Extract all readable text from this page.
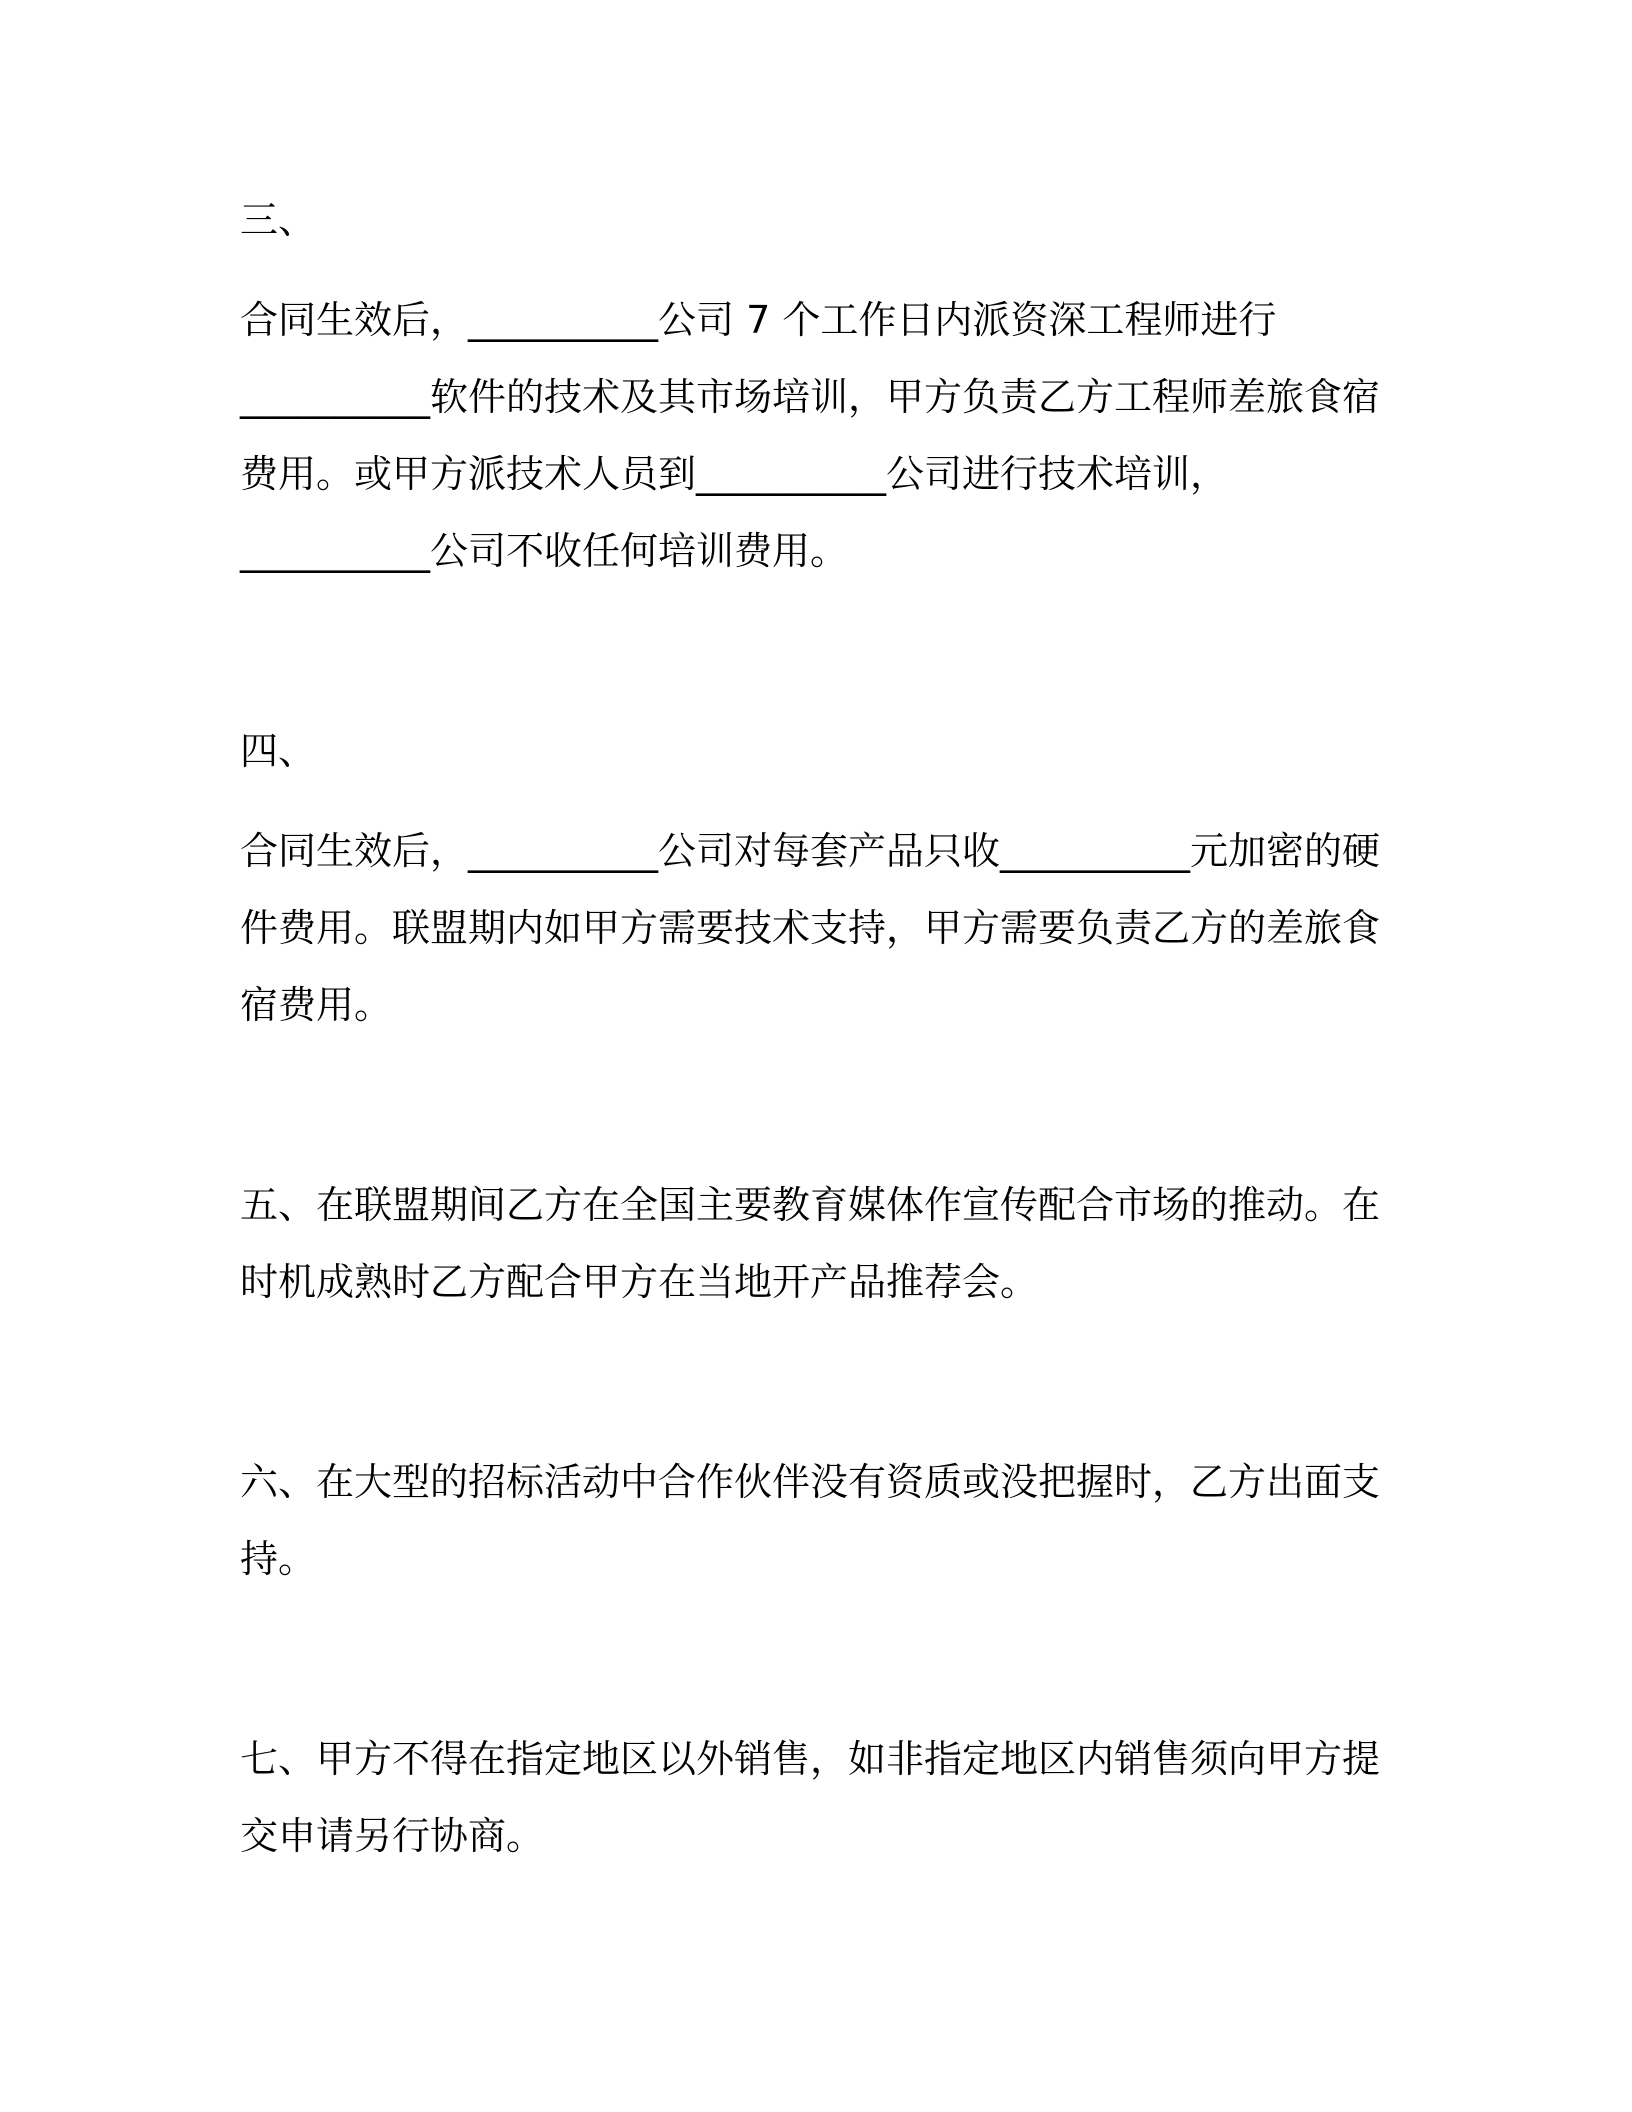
三、
合同生效后，__________公司 7 个工作日内派资深工程师进行
__________软件的技术及其市场培训，甲方负责乙方工程师差旅食宿
费用。或甲方派技术人员到__________公司进行技术培训，
__________公司不收任何培训费用。
四、
合同生效后，__________公司对每套产品只收__________元加密的硬
件费用。联盟期内如甲方需要技术支持，甲方需要负责乙方的差旅食
宿费用。
五、在联盟期间乙方在全国主要教育媒体作宣传配合市场的推动。在
时机成熟时乙方配合甲方在当地开产品推荐会。
六、在大型的招标活动中合作伙伴没有资质或没把握时，乙方出面支
持。
七、甲方不得在指定地区以外销售，如非指定地区内销售须向甲方提
交申请另行协商。
